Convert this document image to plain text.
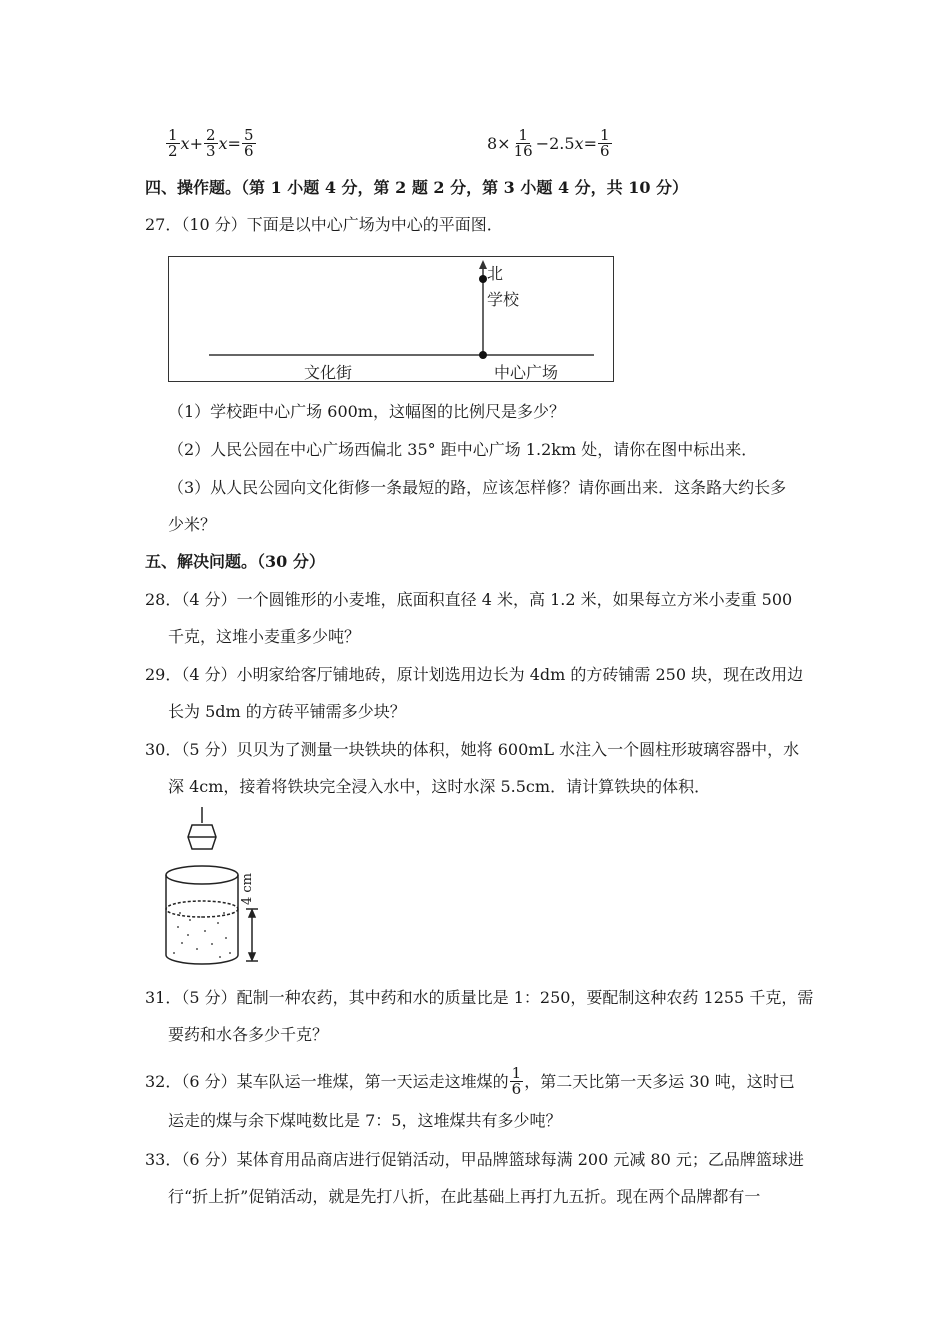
$\frac{1}{2} x+ \frac{2}{3} x= \frac{5}{6}$	$8\times \frac{1}{16} -2.5$ $x = \frac{1}{6}$
四、操作题。（第 1 小题 4 分，第 2 题 2 分，第 3 小题 4 分，共 10 分）
27．（10 分）下面是以中心广场为中心的平面图．
北
学校
文化街	中心广场
（1）学校距中心广场 600m，这幅图的比例尺是多少？
（2）人民公园在中心广场西偏北 35° 距中心广场 1.2km 处，请你在图中标出来．
（3）从人民公园向文化街修一条最短的路，应该怎样修？请你画出来．这条路大约长多
少米？
五、解决问题。（30 分）
28．（4 分）一个圆锥形的小麦堆，底面积直径 4 米，高 1.2 米，如果每立方米小麦重 500
千克，这堆小麦重多少吨？
29．（4 分）小明家给客厅铺地砖，原计划选用边长为 4dm 的方砖铺需 250 块，现在改用边
长为 5dm 的方砖平铺需多少块？
30．（5 分）贝贝为了测量一块铁块的体积，她将 600mL 水注入一个圆柱形玻璃容器中，水
深 4cm，接着将铁块完全浸入水中，这时水深 5.5cm．请计算铁块的体积．
4 cm
31．（5 分）配制一种农药，其中药和水的质量比是 1：250，要配制这种农药 1255 千克，需
要药和水各多少千克？
32．（6 分）某车队运一堆煤，第一天运走这堆煤的 $\frac{1}{6}$ ，第二天比第一天多运 30 吨，这时已
运走的煤与余下煤吨数比是 7：5，这堆煤共有多少吨？
33．（6 分）某体育用品商店进行促销活动，甲品牌篮球每满 200 元减 80 元；乙品牌篮球进
行“折上折”促销活动，就是先打八折，在此基础上再打九五折。现在两个品牌都有一
